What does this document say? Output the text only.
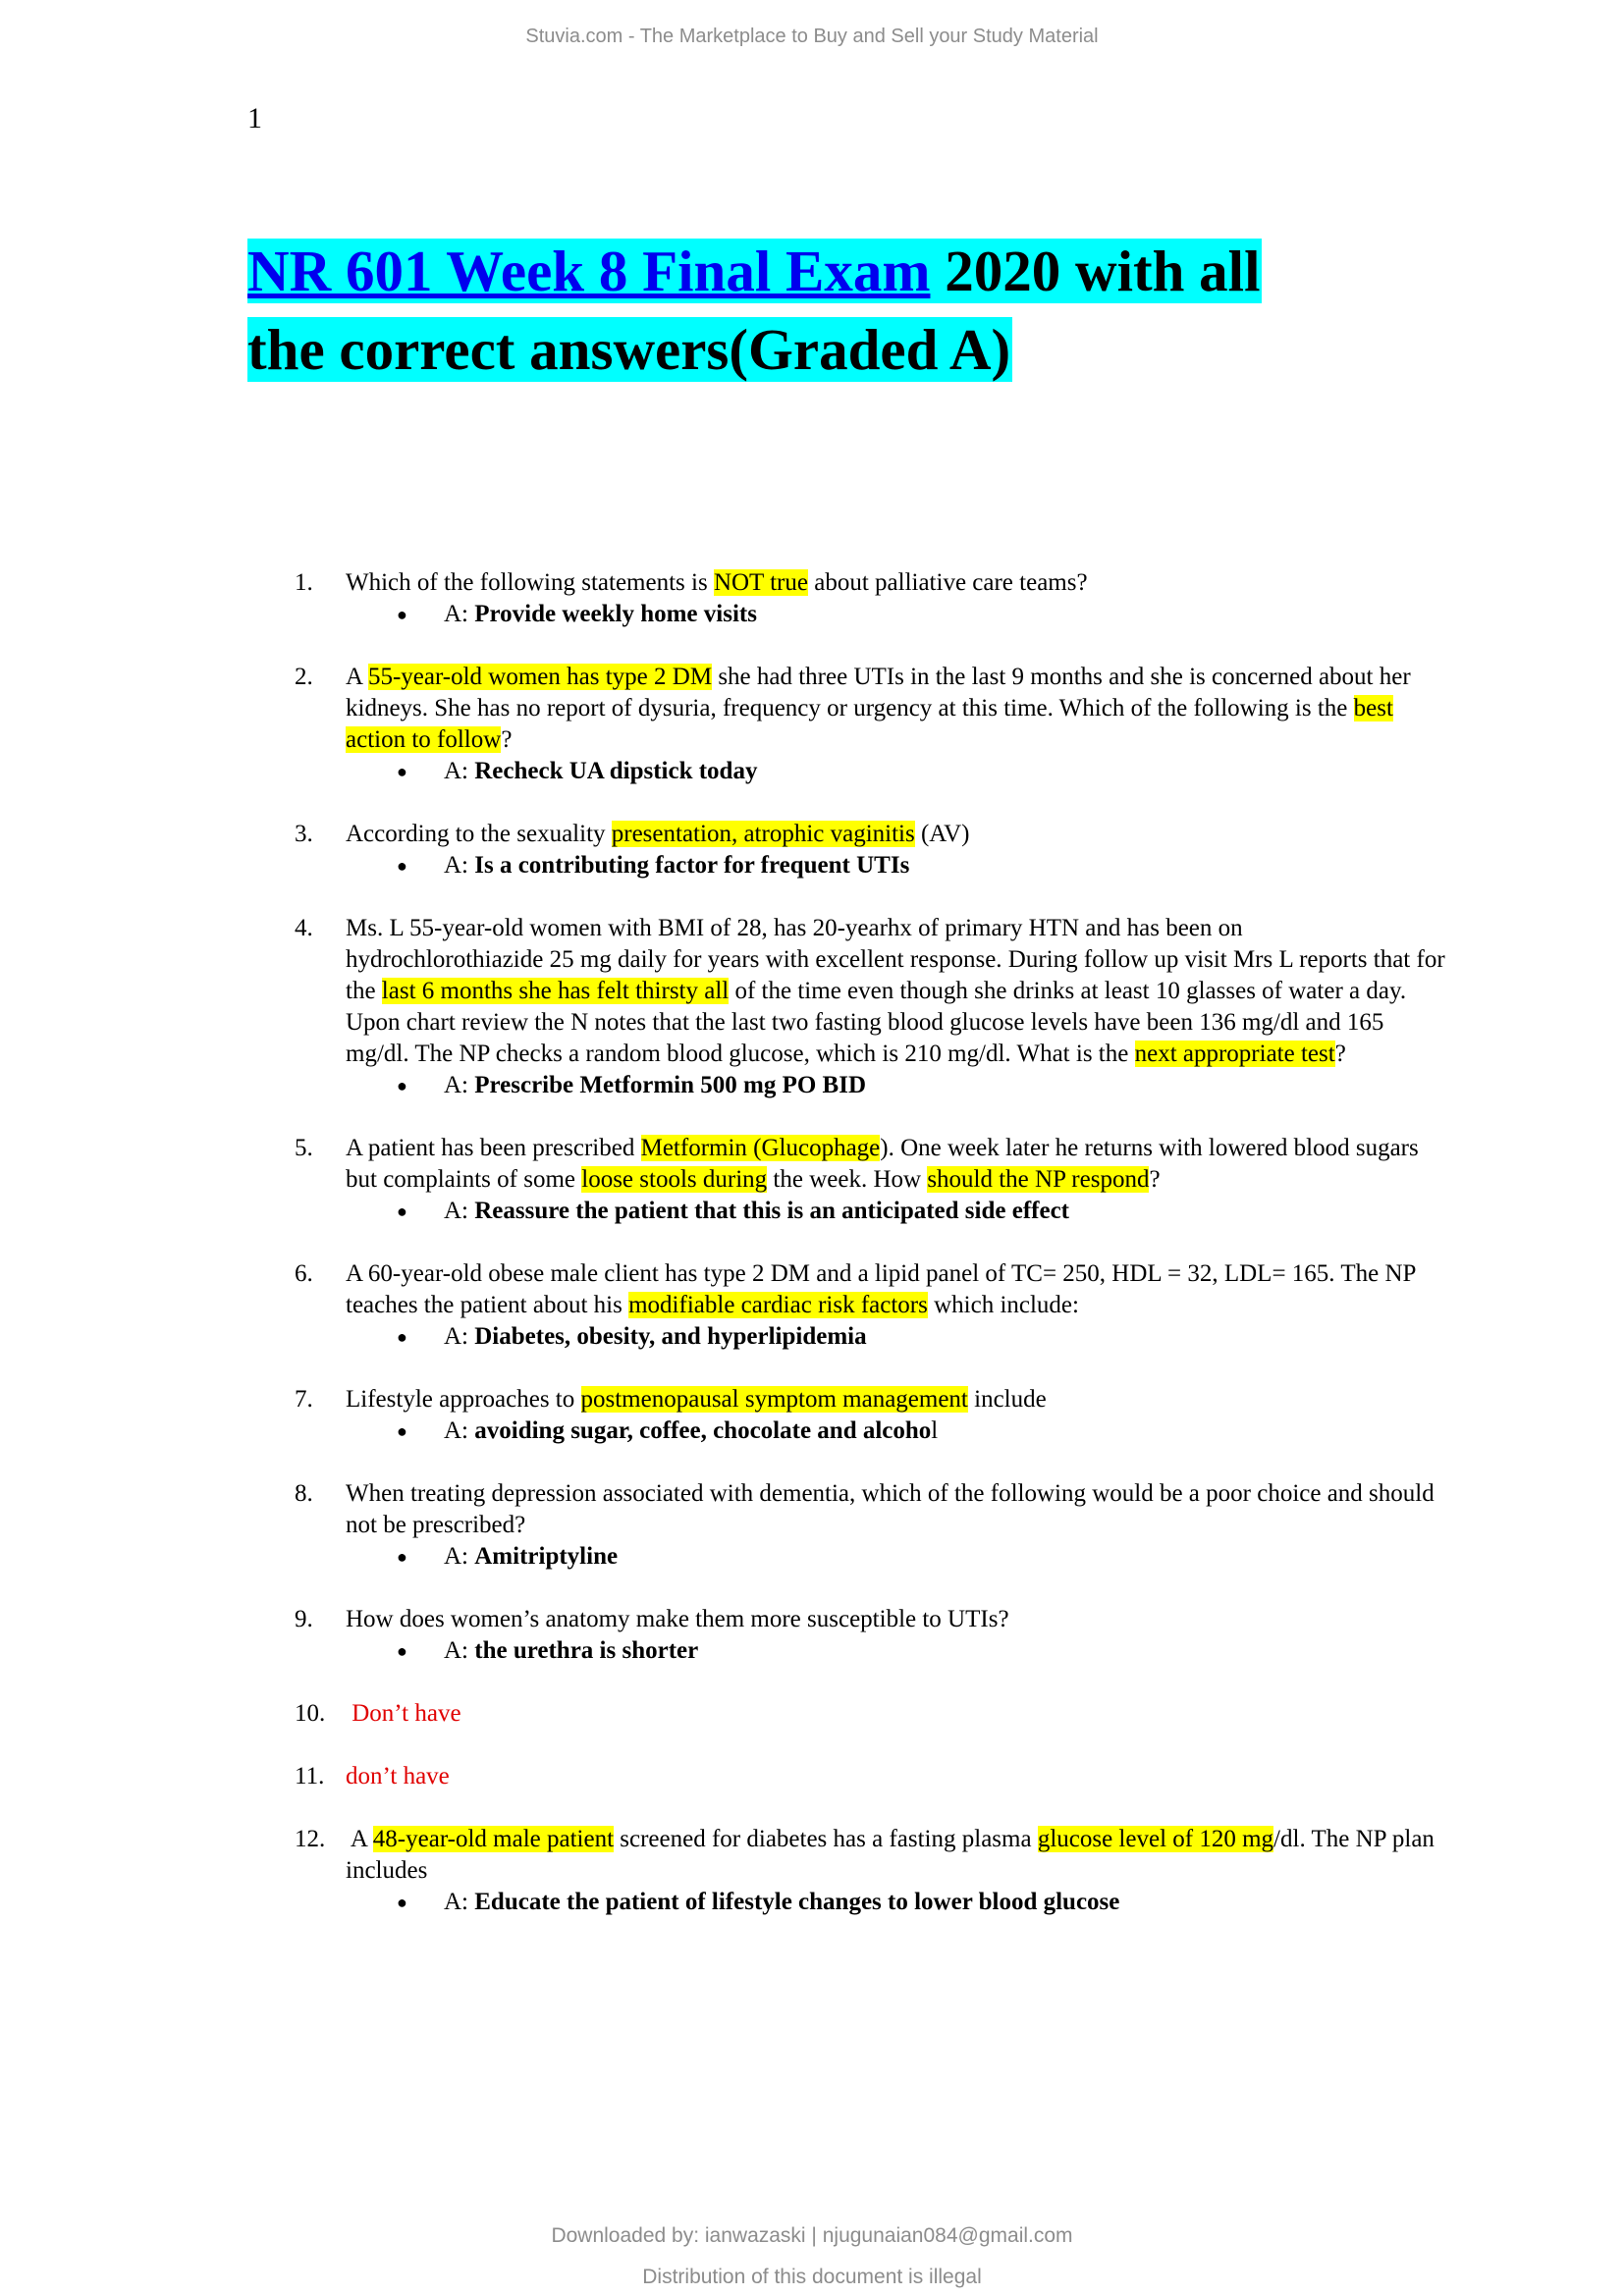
Stuvia.com - The Marketplace to Buy and Sell your Study Material
1
NR 601 Week 8 Final Exam 2020 with all
the correct answers(Graded A)
1. Which of the following statements is NOT true about palliative care teams?
● A: Provide weekly home visits
2. A 55-year-old women has type 2 DM she had three UTIs in the last 9 months and she is concerned about her kidneys. She has no report of dysuria, frequency or urgency at this time. Which of the following is the best action to follow?
● A: Recheck UA dipstick today
3. According to the sexuality presentation, atrophic vaginitis (AV)
● A: Is a contributing factor for frequent UTIs
4. Ms. L 55-year-old women with BMI of 28, has 20-yearhx of primary HTN and has been on hydrochlorothiazide 25 mg daily for years with excellent response. During follow up visit Mrs L reports that for the last 6 months she has felt thirsty all of the time even though she drinks at least 10 glasses of water a day. Upon chart review the N notes that the last two fasting blood glucose levels have been 136 mg/dl and 165 mg/dl. The NP checks a random blood glucose, which is 210 mg/dl. What is the next appropriate test?
● A: Prescribe Metformin 500 mg PO BID
5. A patient has been prescribed Metformin (Glucophage). One week later he returns with lowered blood sugars but complaints of some loose stools during the week. How should the NP respond?
● A: Reassure the patient that this is an anticipated side effect
6. A 60-year-old obese male client has type 2 DM and a lipid panel of TC= 250, HDL = 32, LDL= 165. The NP teaches the patient about his modifiable cardiac risk factors which include:
● A: Diabetes, obesity, and hyperlipidemia
7. Lifestyle approaches to postmenopausal symptom management include
● A: avoiding sugar, coffee, chocolate and alcohol
8. When treating depression associated with dementia, which of the following would be a poor choice and should not be prescribed?
● A: Amitriptyline
9. How does women’s anatomy make them more susceptible to UTIs?
● A: the urethra is shorter
10. Don’t have
11. don’t have
12. A 48-year-old male patient screened for diabetes has a fasting plasma glucose level of 120 mg/dl. The NP plan includes
● A: Educate the patient of lifestyle changes to lower blood glucose
Downloaded by: ianwazaski | njugunaian084@gmail.com
Distribution of this document is illegal
